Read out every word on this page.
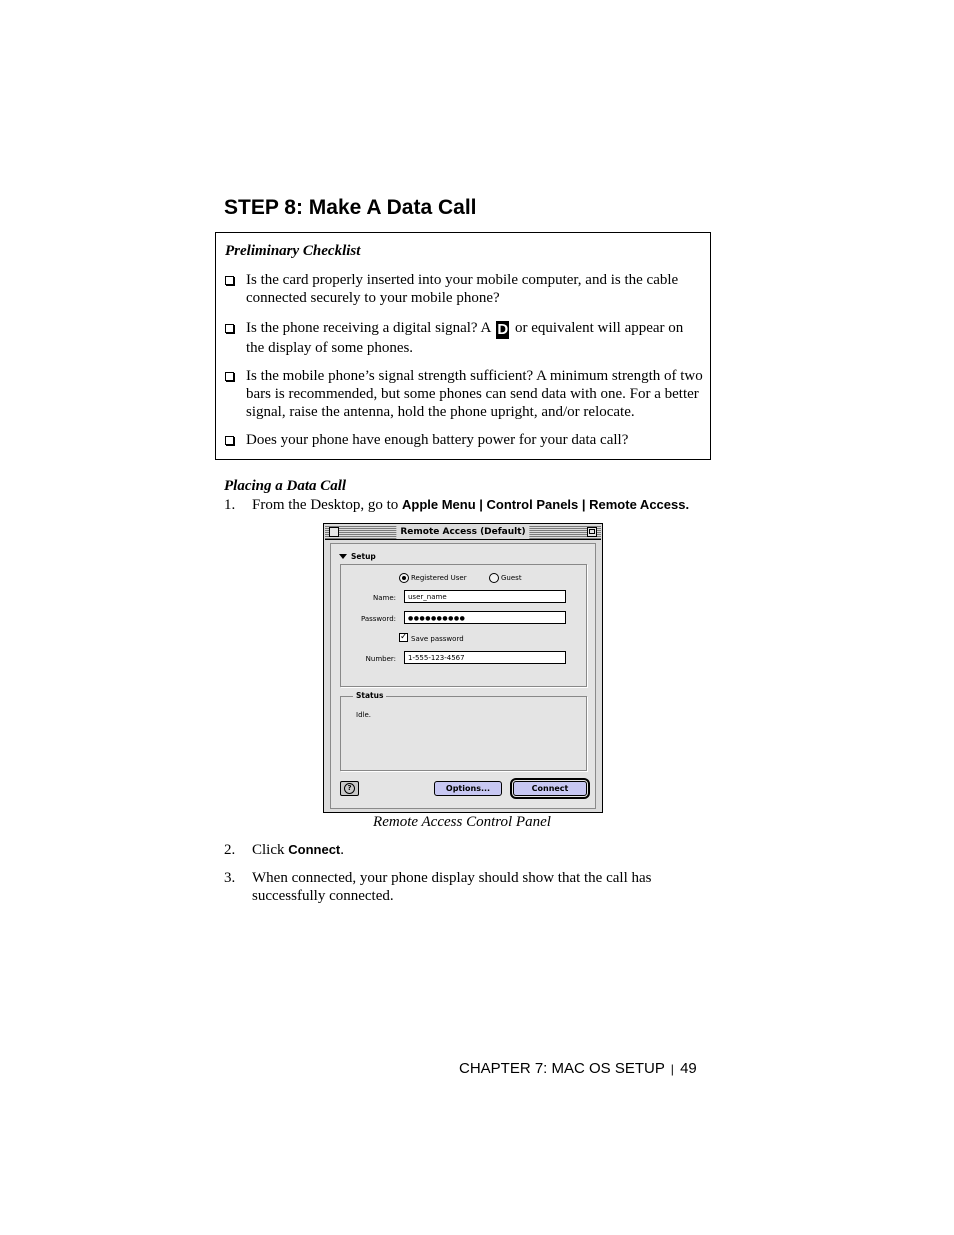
STEP 8: Make A Data Call
Preliminary Checklist
Is the card properly inserted into your mobile computer, and is the cable connected securely to your mobile phone?
Is the phone receiving a digital signal? A D or equivalent will appear on the display of some phones.
Is the mobile phone’s signal strength sufficient? A minimum strength of two bars is recommended, but some phones can send data with one. For a better signal, raise the antenna, hold the phone upright, and/or relocate.
Does your phone have enough battery power for your data call?
Placing a Data Call
1. From the Desktop, go to Apple Menu | Control Panels | Remote Access.
Remote Access (Default)
Setup
Registered User	Guest
Name:	user_name
Password:	●●●●●●●●●●
✓ Save password
Number:	1-555-123-4567
Status
Idle.
?	Options...	Connect
Remote Access Control Panel
2. Click Connect.
3. When connected, your phone display should show that the call has successfully connected.
CHAPTER 7: MAC OS SETUP | 49
